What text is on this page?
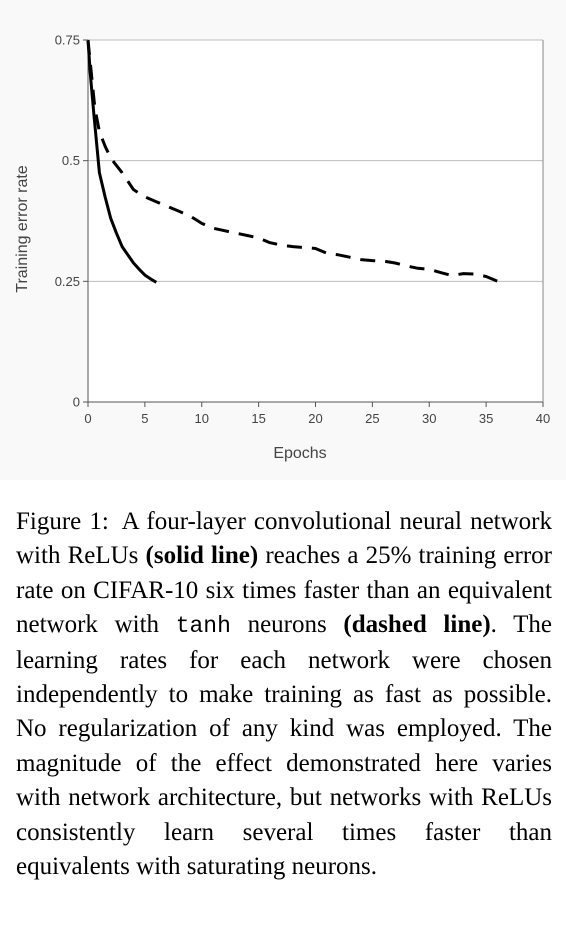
0	5	10	15	20	25	30	35	40
0
0.25
0.5
0.75
Epochs
Training error rate

Figure 1: A four-layer convolutional neural network with ReLUs (solid line) reaches a 25% training error rate on CIFAR-10 six times faster than an equivalent network with tanh neurons (dashed line). The learning rates for each network were chosen independently to make training as fast as possible. No regularization of any kind was employed. The magnitude of the effect demonstrated here varies with network architecture, but networks with ReLUs consistently learn several times faster than equivalents with saturating neurons.
